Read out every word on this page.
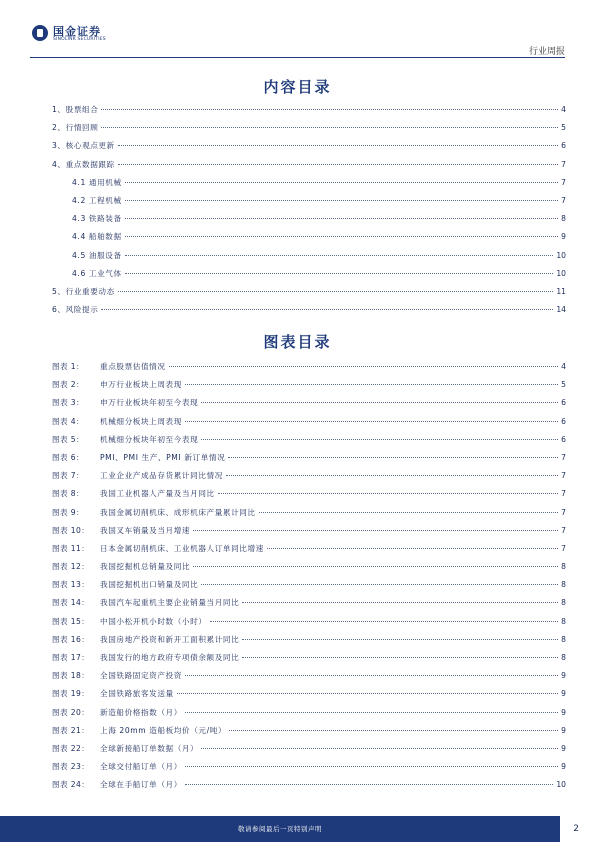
国金证券
SINOLINK SECURITIES
行业周报
内容目录
1、股票组合	4
2、行情回顾	5
3、核心观点更新	6
4、重点数据跟踪	7
4.1 通用机械	7
4.2 工程机械	7
4.3 铁路装备	8
4.4 船舶数据	9
4.5 油服设备	10
4.6 工业气体	10
5、行业重要动态	11
6、风险提示	14
图表目录
图表 1：	重点股票估值情况	4
图表 2：	申万行业板块上周表现	5
图表 3：	申万行业板块年初至今表现	6
图表 4：	机械细分板块上周表现	6
图表 5：	机械细分板块年初至今表现	6
图表 6：	PMI、PMI 生产、PMI 新订单情况	7
图表 7：	工业企业产成品存货累计同比情况	7
图表 8：	我国工业机器人产量及当月同比	7
图表 9：	我国金属切削机床、成形机床产量累计同比	7
图表 10：	我国叉车销量及当月增速	7
图表 11：	日本金属切削机床、工业机器人订单同比增速	7
图表 12：	我国挖掘机总销量及同比	8
图表 13：	我国挖掘机出口销量及同比	8
图表 14：	我国汽车起重机主要企业销量当月同比	8
图表 15：	中国小松开机小时数（小时）	8
图表 16：	我国房地产投资和新开工面积累计同比	8
图表 17：	我国发行的地方政府专项债余额及同比	8
图表 18：	全国铁路固定资产投资	9
图表 19：	全国铁路旅客发送量	9
图表 20：	新造船价格指数（月）	9
图表 21：	上海 20mm 造船板均价（元/吨）	9
图表 22：	全球新接船订单数据（月）	9
图表 23：	全球交付船订单（月）	9
图表 24：	全球在手船订单（月）	10
敬请参阅最后一页特别声明	2
